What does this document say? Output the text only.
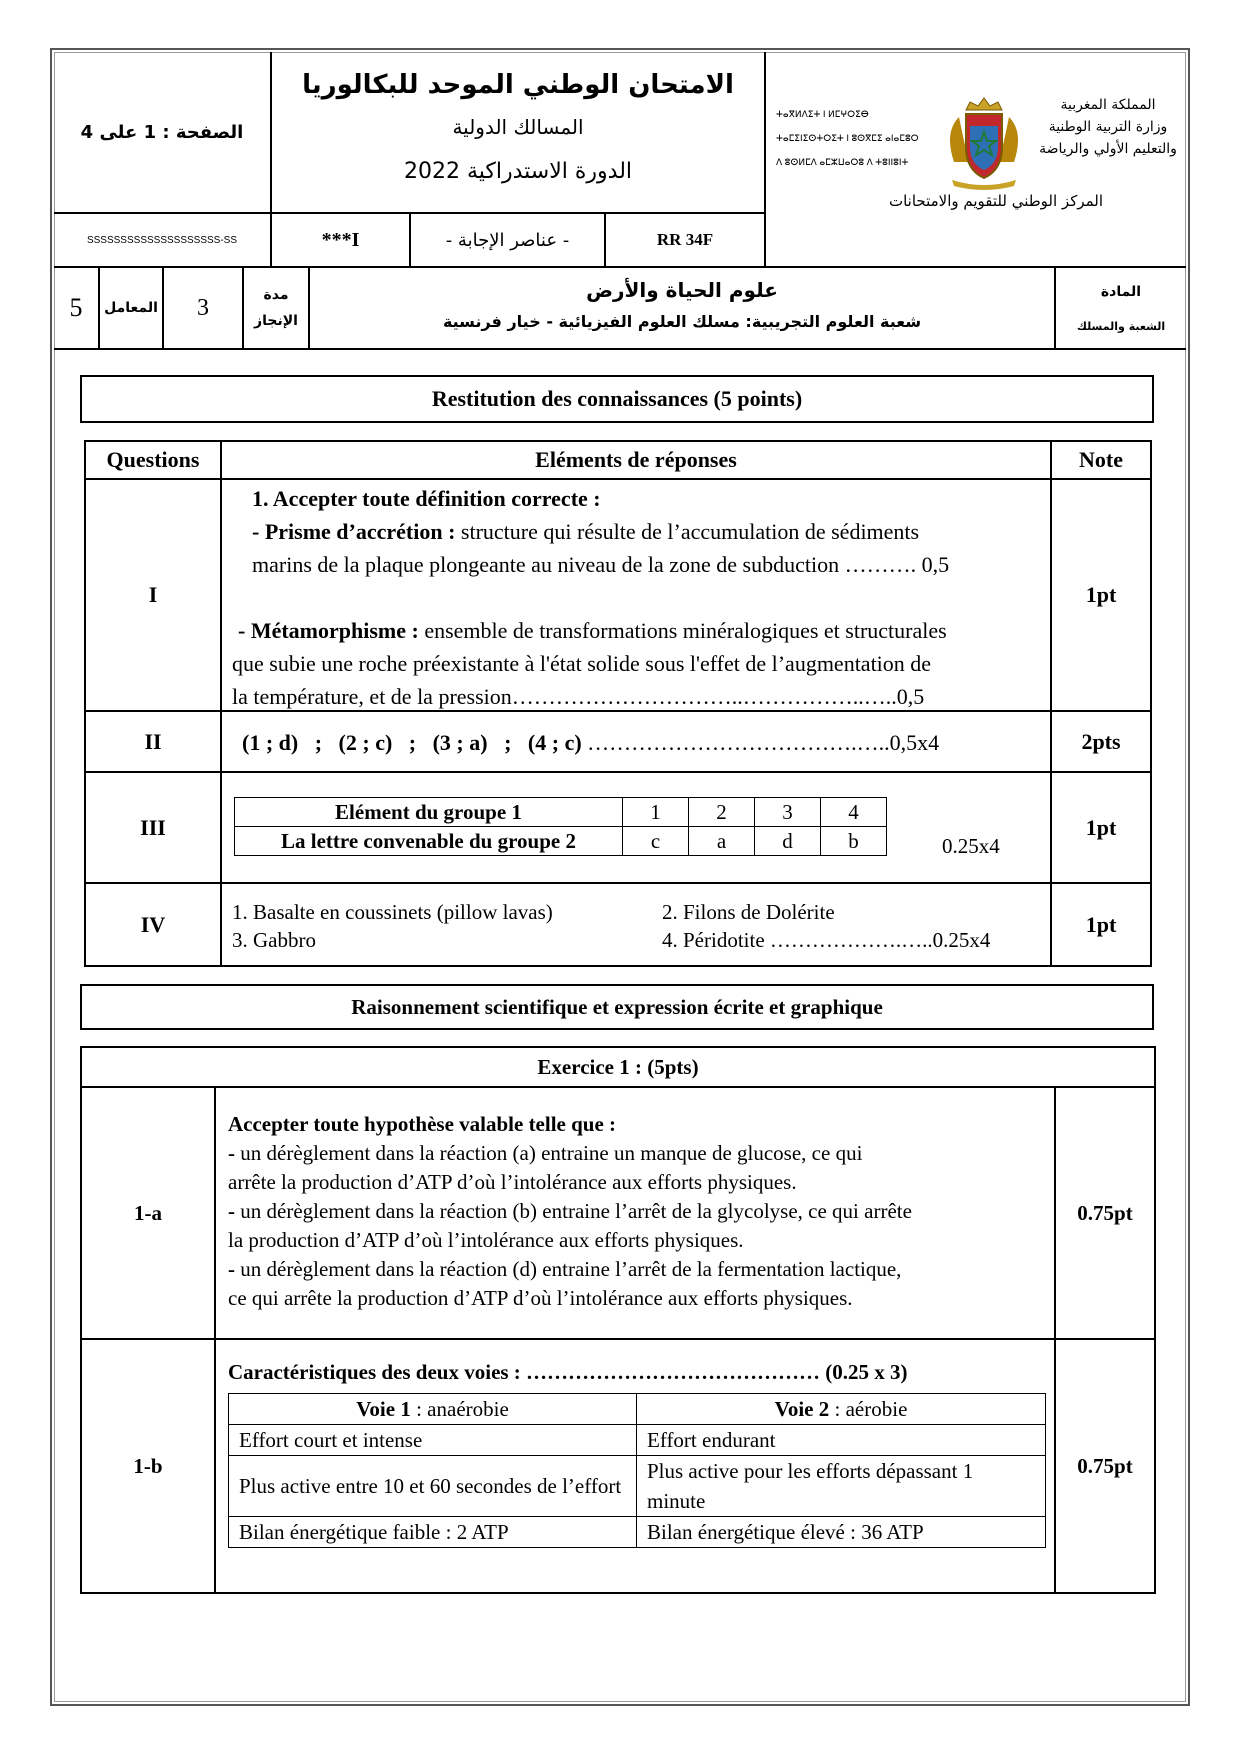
الصفحة : 1 على 4
الامتحان الوطني الموحد للبكالوريا
المسالك الدولية
الدورة الاستدراكية 2022
ⵜⴰⴳⵍⴷⵉⵜ ⵏ ⵍⵎⵖⵔⵉⴱ
ⵜⴰⵎⵉⵏⵉⵙⵜⵔⵉⵜ ⵏ ⵓⵙⴳⵎⵉ ⴰⵏⴰⵎⵓⵔ
ⴷ ⵓⵙⵍⵎⴷ ⴰⵎⵣⵡⴰⵔⵓ ⴷ ⵜⵓⵏⵏⵓⵏⵜ
المملكة المغربية
وزارة التربية الوطنية
والتعليم الأولي والرياضة
المركز الوطني للتقويم والامتحانات
SSSSSSSSSSSSSSSSSSSS-SS	***I	- عناصر الإجابة -	RR 34F
5	المعامل	3	مدة الإنجاز
علوم الحياة والأرض
شعبة العلوم التجريبية: مسلك العلوم الفيزيائية - خيار فرنسية
المادة
الشعبة والمسلك
Restitution des connaissances (5 points)
Questions	Eléments de réponses	Note
I
1. Accepter toute définition correcte :
- Prisme d’accrétion : structure qui résulte de l’accumulation de sédiments
marins de la plaque plongeante au niveau de la zone de subduction ………. 0,5
- Métamorphisme : ensemble de transformations minéralogiques et structurales
que subie une roche préexistante à l'état solide sous l'effet de l’augmentation de
la température, et de la pression…………………………..……………..…..0,5
1pt
II	(1 ; d)   ;   (2 ; c)   ;   (3 ; a)   ;   (4 ; c) ……………………………….…..0,5x4	2pts
III
Elément du groupe 1	1	2	3	4
La lettre convenable du groupe 2	c	a	d	b	0.25x4
1pt
IV	1. Basalte en coussinets (pillow lavas)	2. Filons de Dolérite
3. Gabbro	4. Péridotite ……………….…..0.25x4
1pt
Raisonnement scientifique et expression écrite et graphique
Exercice 1 : (5pts)
1-a
Accepter toute hypothèse valable telle que :
- un dérèglement dans la réaction (a) entraine un manque de glucose, ce qui
arrête la production d’ATP d’où l’intolérance aux efforts physiques.
- un dérèglement dans la réaction (b) entraine l’arrêt de la glycolyse, ce qui arrête
la production d’ATP d’où l’intolérance aux efforts physiques.
- un dérèglement dans la réaction (d) entraine l’arrêt de la fermentation lactique,
ce qui arrête la production d’ATP d’où l’intolérance aux efforts physiques.
0.75pt
1-b
Caractéristiques des deux voies : …………………………………… (0.25 x 3)
Voie 1 : anaérobie	Voie 2 : aérobie
Effort court et intense	Effort endurant
Plus active entre 10 et 60 secondes de l’effort	Plus active pour les efforts dépassant 1 minute
Bilan énergétique faible : 2 ATP	Bilan énergétique élevé : 36 ATP
0.75pt
